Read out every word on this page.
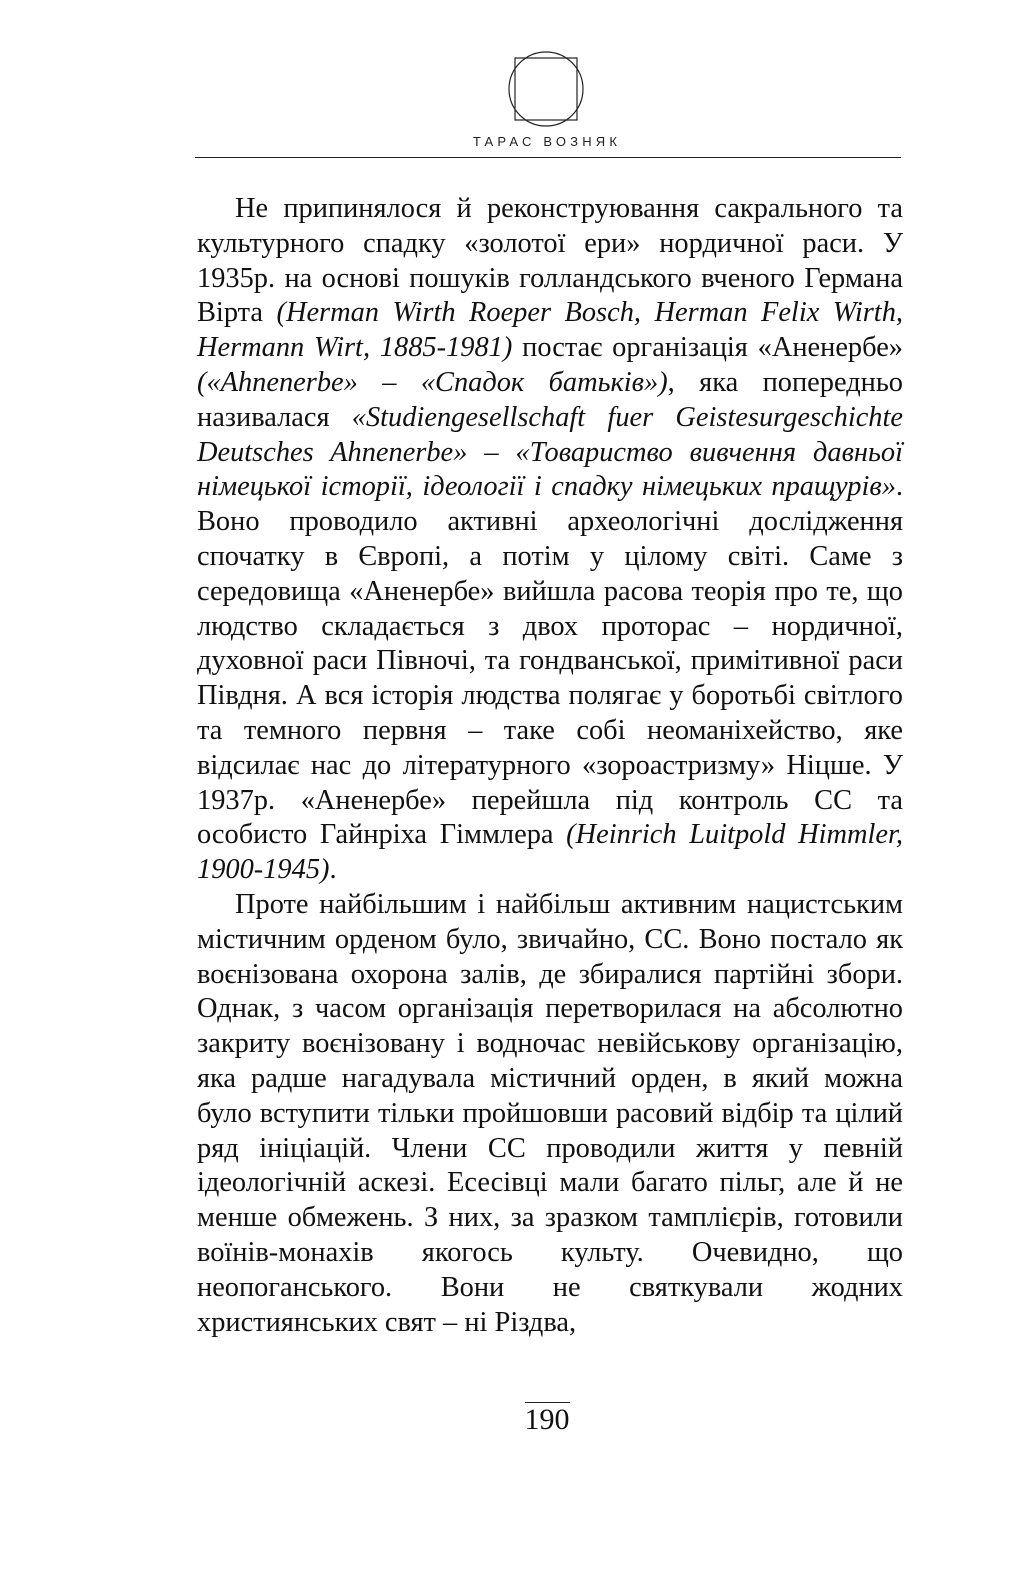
ТАРАС ВОЗНЯК

Не припинялося й реконструювання сакрального та культурного спадку «золотої ери» нордичної раси. У 1935р. на основі пошуків голландського вченого Германа Вірта (Herman Wirth Roeper Bosch, Herman Felix Wirth, Hermann Wirt, 1885-1981) постає організація «Аненербе» («Ahnenerbe» – «Спадок батьків»), яка попередньо називалася «Studiengesellschaft fuer Geistesurgeschichte Deutsches Ahnenerbe» – «Товариство вивчення давньої німецької історії, ідеології і спадку німецьких пращурів». Воно проводило активні археологічні дослідження спочатку в Європі, а потім у цілому світі. Саме з середовища «Аненербе» вийшла расова теорія про те, що людство складається з двох проторас – нордичної, духовної раси Півночі, та гондванської, примітивної раси Півдня. А вся історія людства полягає у боротьбі світлого та темного первня – таке собі неоманіхейство, яке відсилає нас до літературного «зороастризму» Ніцше. У 1937р. «Аненербе» перейшла під контроль СС та особисто Гайнріха Гіммлера (Heinrich Luitpold Himmler, 1900-1945).

Проте найбільшим і найбільш активним нацистським містичним орденом було, звичайно, СС. Воно постало як воєнізована охорона залів, де збиралися партійні збори. Однак, з часом організація перетворилася на абсолютно закриту воєнізовану і водночас невійськову організацію, яка радше нагадувала містичний орден, в який можна було вступити тільки пройшовши расовий відбір та цілий ряд ініціацій. Члени СС проводили життя у певній ідеологічній аскезі. Есесівці мали багато пільг, але й не менше обмежень. З них, за зразком тамплієрів, готовили воїнів-монахів якогось культу. Очевидно, що неопоганського. Вони не святкували жодних християнських свят – ні Різдва,

190
